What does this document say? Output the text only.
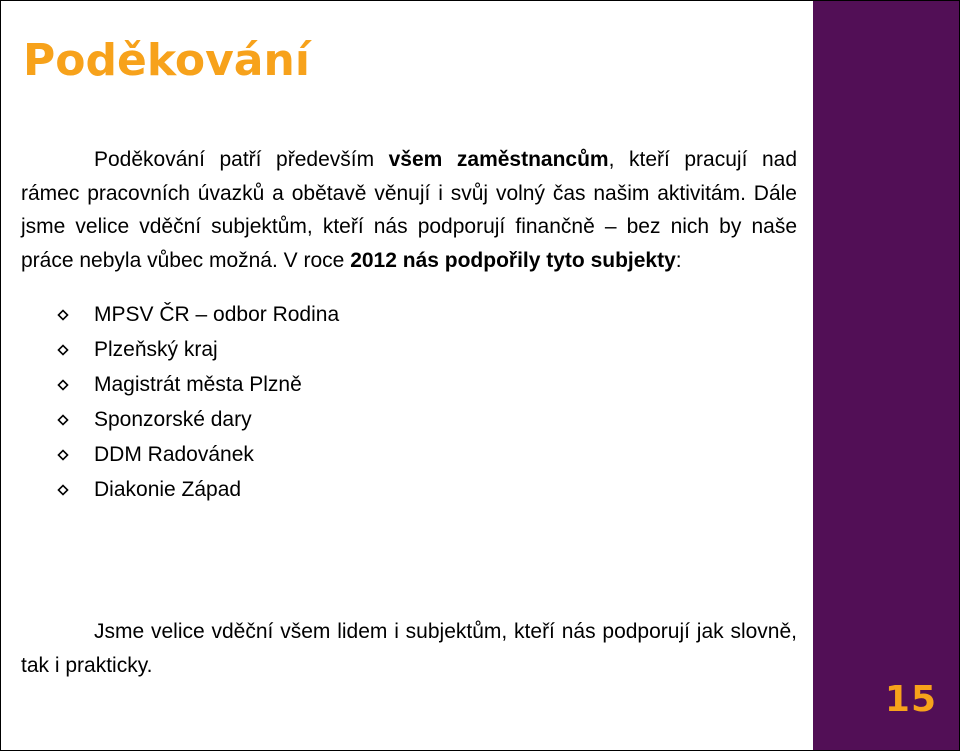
Poděkování

Poděkování patří především všem zaměstnancům, kteří pracují nad rámec pracovních úvazků a obětavě věnují i svůj volný čas našim aktivitám. Dále jsme velice vděční subjektům, kteří nás podporují finančně – bez nich by naše práce nebyla vůbec možná. V roce 2012 nás podpořily tyto subjekty:

MPSV ČR – odbor Rodina
Plzeňský kraj
Magistrát města Plzně
Sponzorské dary
DDM Radovánek
Diakonie Západ

Jsme velice vděční všem lidem i subjektům, kteří nás podporují jak slovně, tak i prakticky.

15
